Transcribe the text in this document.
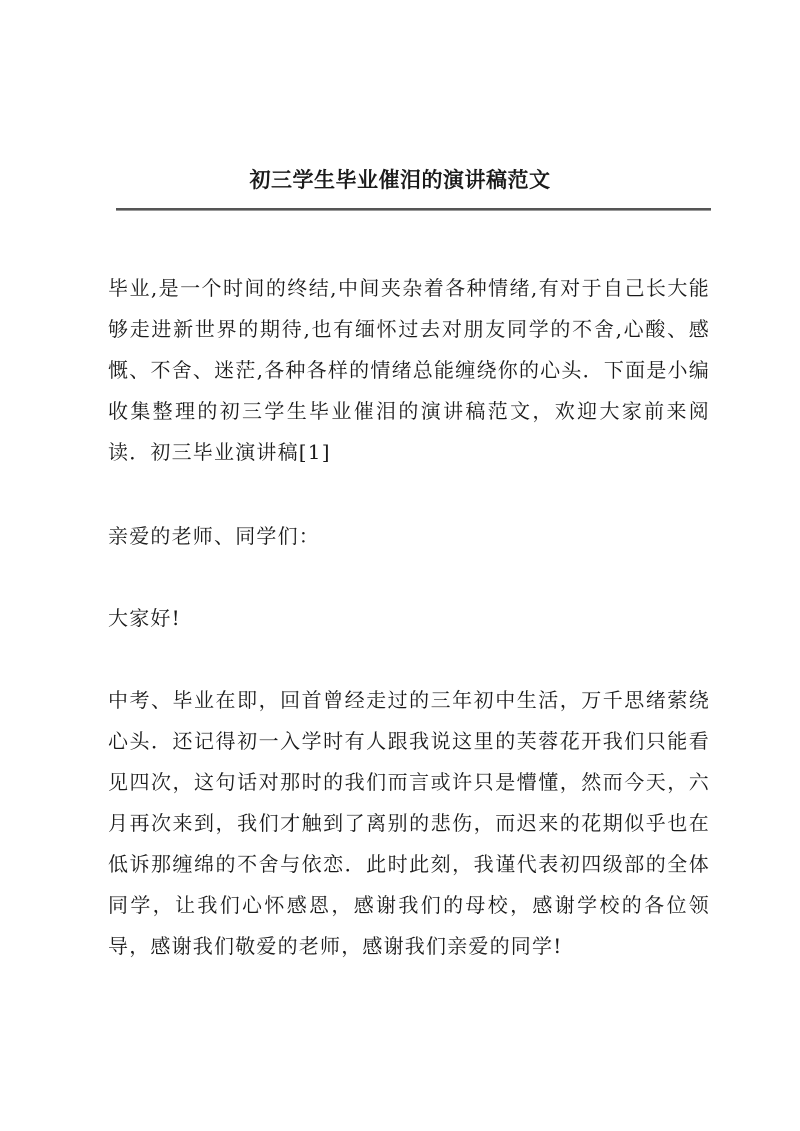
初三学生毕业催泪的演讲稿范文
毕业,是一个时间的终结,中间夹杂着各种情绪,有对于自己长大能够走进新世界的期待,也有缅怀过去对朋友同学的不舍,心酸、感慨、不舍、迷茫,各种各样的情绪总能缠绕你的心头．下面是小编收集整理的初三学生毕业催泪的演讲稿范文，欢迎大家前来阅读．初三毕业演讲稿[1]
亲爱的老师、同学们：
大家好!
中考、毕业在即，回首曾经走过的三年初中生活，万千思绪萦绕心头．还记得初一入学时有人跟我说这里的芙蓉花开我们只能看见四次，这句话对那时的我们而言或许只是懵懂，然而今天，六月再次来到，我们才触到了离别的悲伤，而迟来的花期似乎也在低诉那缠绵的不舍与依恋．此时此刻，我谨代表初四级部的全体同学，让我们心怀感恩，感谢我们的母校，感谢学校的各位领导，感谢我们敬爱的老师，感谢我们亲爱的同学!
